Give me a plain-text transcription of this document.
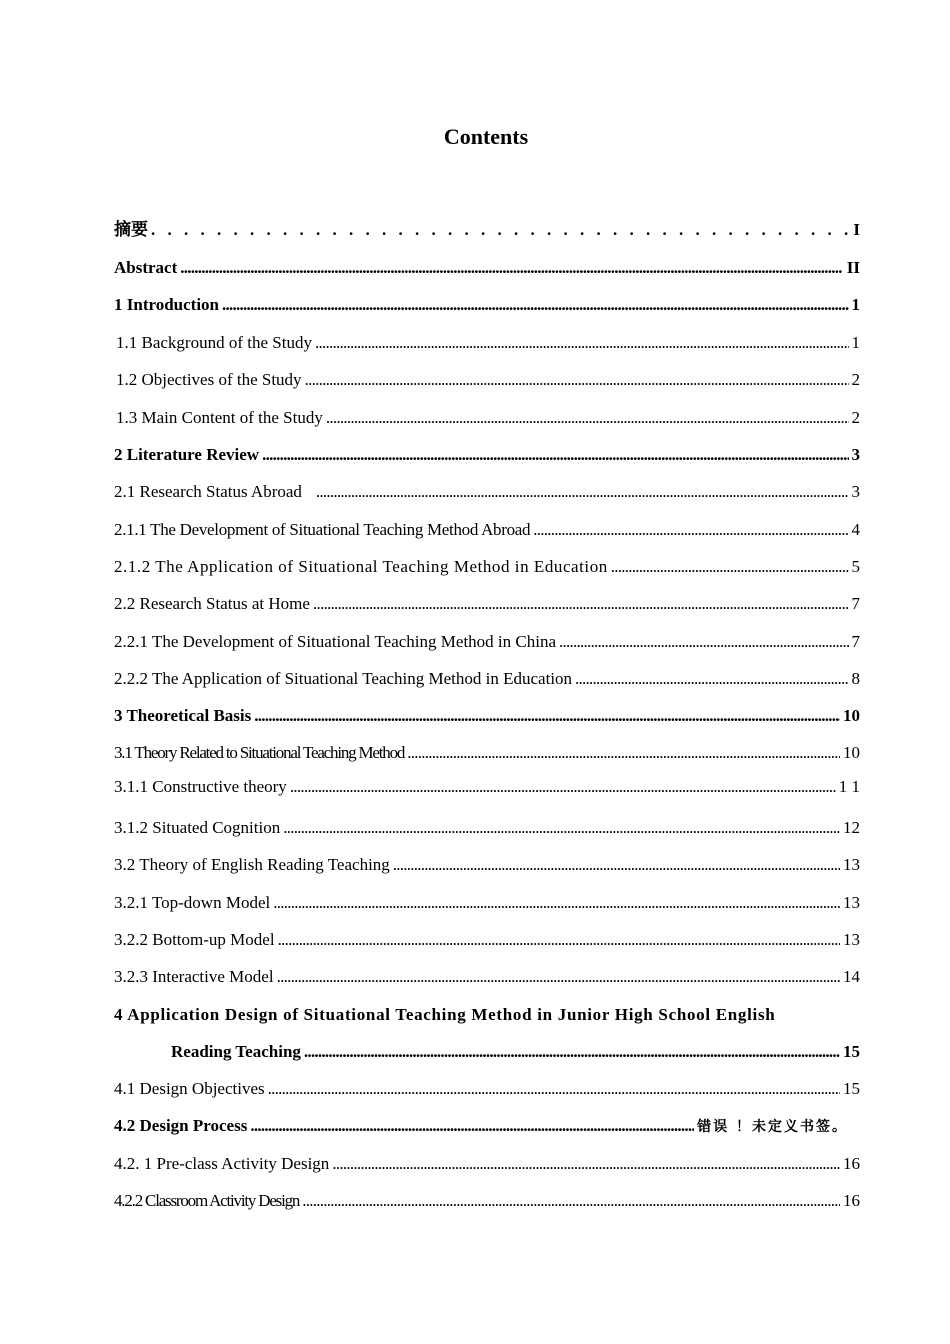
Contents
摘要 . . .	I
Abstract . . .	II
1 Introduction . . .	1
1.1 Background of the Study . . .	1
1.2 Objectives of the Study . . .	2
1.3 Main Content of the Study . . .	2
2 Literature Review . . .	3
2.1 Research Status Abroad . . .	3
2.1.1 The Development of Situational Teaching Method Abroad . . .	4
2.1.2 The Application of Situational Teaching Method in Education . . .	5
2.2 Research Status at Home . . .	7
2.2.1 The Development of Situational Teaching Method in China . . .	7
2.2.2 The Application of Situational Teaching Method in Education . . .	8
3 Theoretical Basis . . .	10
3.1 Theory Related to Situational Teaching Method . . .	10
3.1.1 Constructive theory . . .	1 1
3.1.2 Situated Cognition . . .	12
3.2 Theory of English Reading Teaching . . .	13
3.2.1 Top-down Model . . .	13
3.2.2 Bottom-up Model . . .	13
3.2.3 Interactive Model . . .	14
4 Application Design of Situational Teaching Method in Junior High School English
Reading Teaching . . .	15
4.1 Design Objectives . . .	15
4.2 Design Process . . .	错误 ！未定义书签。
4.2. 1 Pre-class Activity Design . . .	16
4.2.2 Classroom Activity Design . . .	16
